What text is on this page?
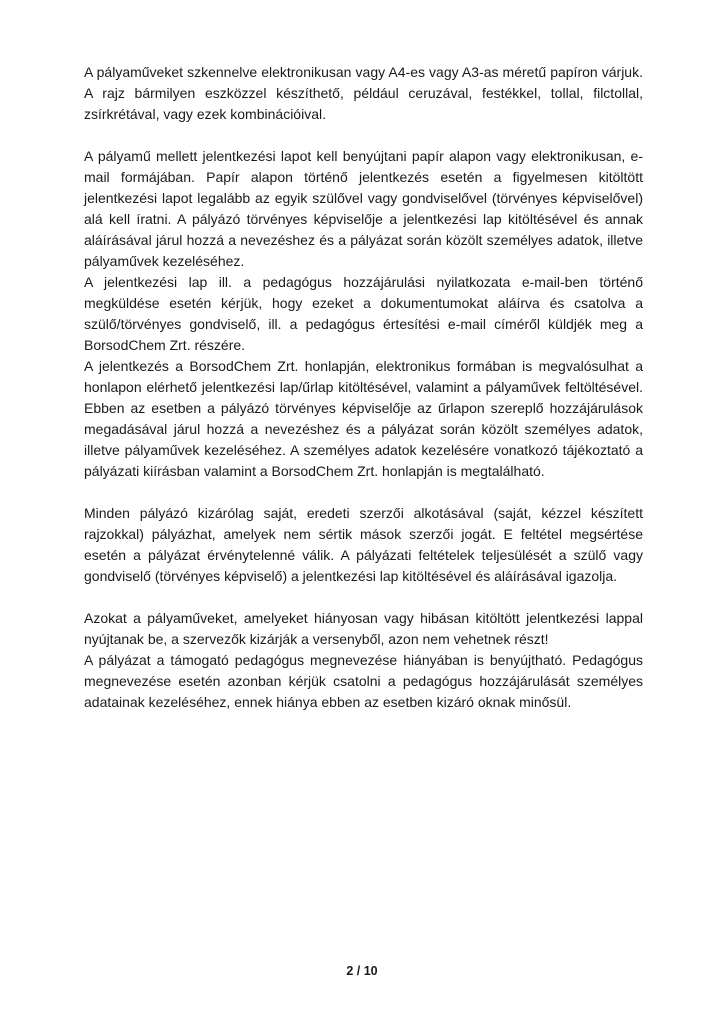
A pályaműveket szkennelve elektronikusan vagy A4-es vagy A3-as méretű papíron várjuk. A rajz bármilyen eszközzel készíthető, például ceruzával, festékkel, tollal, filctollal, zsírkrétával, vagy ezek kombinációival.

A pályamű mellett jelentkezési lapot kell benyújtani papír alapon vagy elektronikusan, e-mail formájában. Papír alapon történő jelentkezés esetén a figyelmesen kitöltött jelentkezési lapot legalább az egyik szülővel vagy gondviselővel (törvényes képviselővel) alá kell íratni. A pályázó törvényes képviselője a jelentkezési lap kitöltésével és annak aláírásával járul hozzá a nevezéshez és a pályázat során közölt személyes adatok, illetve pályaművek kezeléséhez.

A jelentkezési lap ill. a pedagógus hozzájárulási nyilatkozata e-mail-ben történő megküldése esetén kérjük, hogy ezeket a dokumentumokat aláírva és csatolva a szülő/törvényes gondviselő, ill. a pedagógus értesítési e-mail címéről küldjék meg a BorsodChem Zrt. részére.

A jelentkezés a BorsodChem Zrt. honlapján, elektronikus formában is megvalósulhat a honlapon elérhető jelentkezési lap/űrlap kitöltésével, valamint a pályaművek feltöltésével. Ebben az esetben a pályázó törvényes képviselője az űrlapon szereplő hozzájárulások megadásával járul hozzá a nevezéshez és a pályázat során közölt személyes adatok, illetve pályaművek kezeléséhez. A személyes adatok kezelésére vonatkozó tájékoztató a pályázati kiírásban valamint a BorsodChem Zrt. honlapján is megtalálható.

Minden pályázó kizárólag saját, eredeti szerzői alkotásával (saját, kézzel készített rajzokkal) pályázhat, amelyek nem sértik mások szerzői jogát. E feltétel megsértése esetén a pályázat érvénytelenné válik. A pályázati feltételek teljesülését a szülő vagy gondviselő (törvényes képviselő) a jelentkezési lap kitöltésével és aláírásával igazolja.

Azokat a pályaműveket, amelyeket hiányosan vagy hibásan kitöltött jelentkezési lappal nyújtanak be, a szervezők kizárják a versenyből, azon nem vehetnek részt!

A pályázat a támogató pedagógus megnevezése hiányában is benyújtható. Pedagógus megnevezése esetén azonban kérjük csatolni a pedagógus hozzájárulását személyes adatainak kezeléséhez, ennek hiánya ebben az esetben kizáró oknak minősül.

2 / 10
